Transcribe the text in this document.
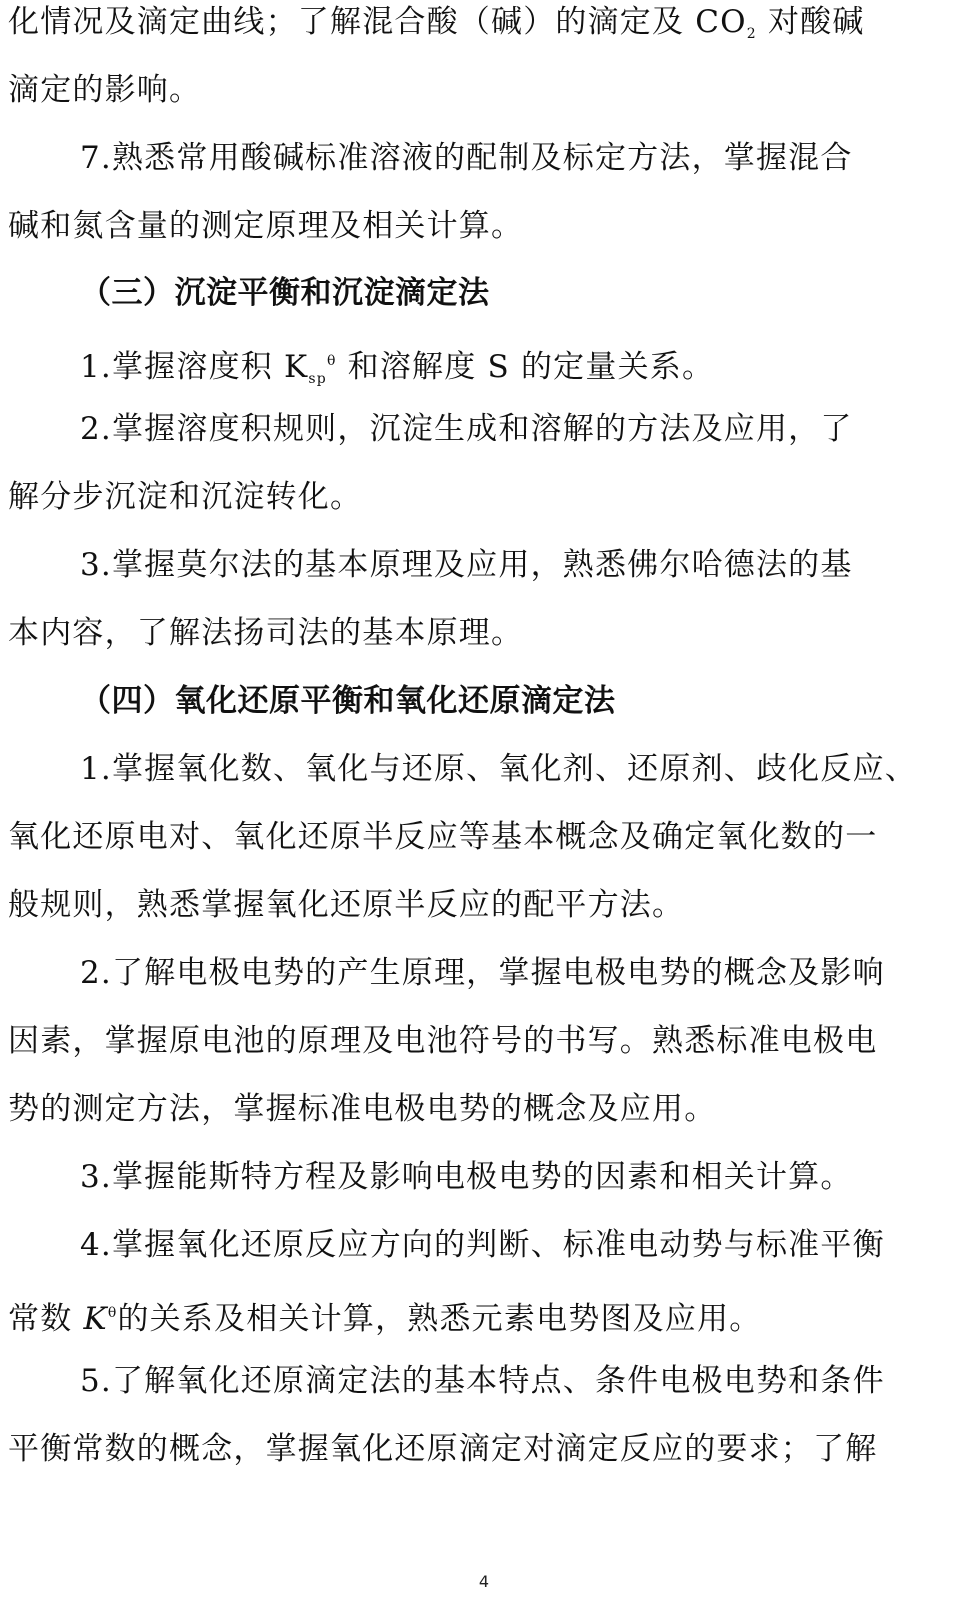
化情况及滴定曲线；了解混合酸（碱）的滴定及 $CO_2$ 对酸碱
滴定的影响。
7.熟悉常用酸碱标准溶液的配制及标定方法，掌握混合
碱和氮含量的测定原理及相关计算。
（三）沉淀平衡和沉淀滴定法
1.掌握溶度积 $K_{sp}^\theta$ 和溶解度 S 的定量关系。
2.掌握溶度积规则，沉淀生成和溶解的方法及应用，了
解分步沉淀和沉淀转化。
3.掌握莫尔法的基本原理及应用，熟悉佛尔哈德法的基
本内容，了解法扬司法的基本原理。
（四）氧化还原平衡和氧化还原滴定法
1.掌握氧化数、氧化与还原、氧化剂、还原剂、歧化反应、
氧化还原电对、氧化还原半反应等基本概念及确定氧化数的一
般规则，熟悉掌握氧化还原半反应的配平方法。
2.了解电极电势的产生原理，掌握电极电势的概念及影响
因素，掌握原电池的原理及电池符号的书写。熟悉标准电极电
势的测定方法，掌握标准电极电势的概念及应用。
3.掌握能斯特方程及影响电极电势的因素和相关计算。
4.掌握氧化还原反应方向的判断、标准电动势与标准平衡
常数 $K^\theta$的关系及相关计算，熟悉元素电势图及应用。
5.了解氧化还原滴定法的基本特点、条件电极电势和条件
平衡常数的概念，掌握氧化还原滴定对滴定反应的要求；了解
4
